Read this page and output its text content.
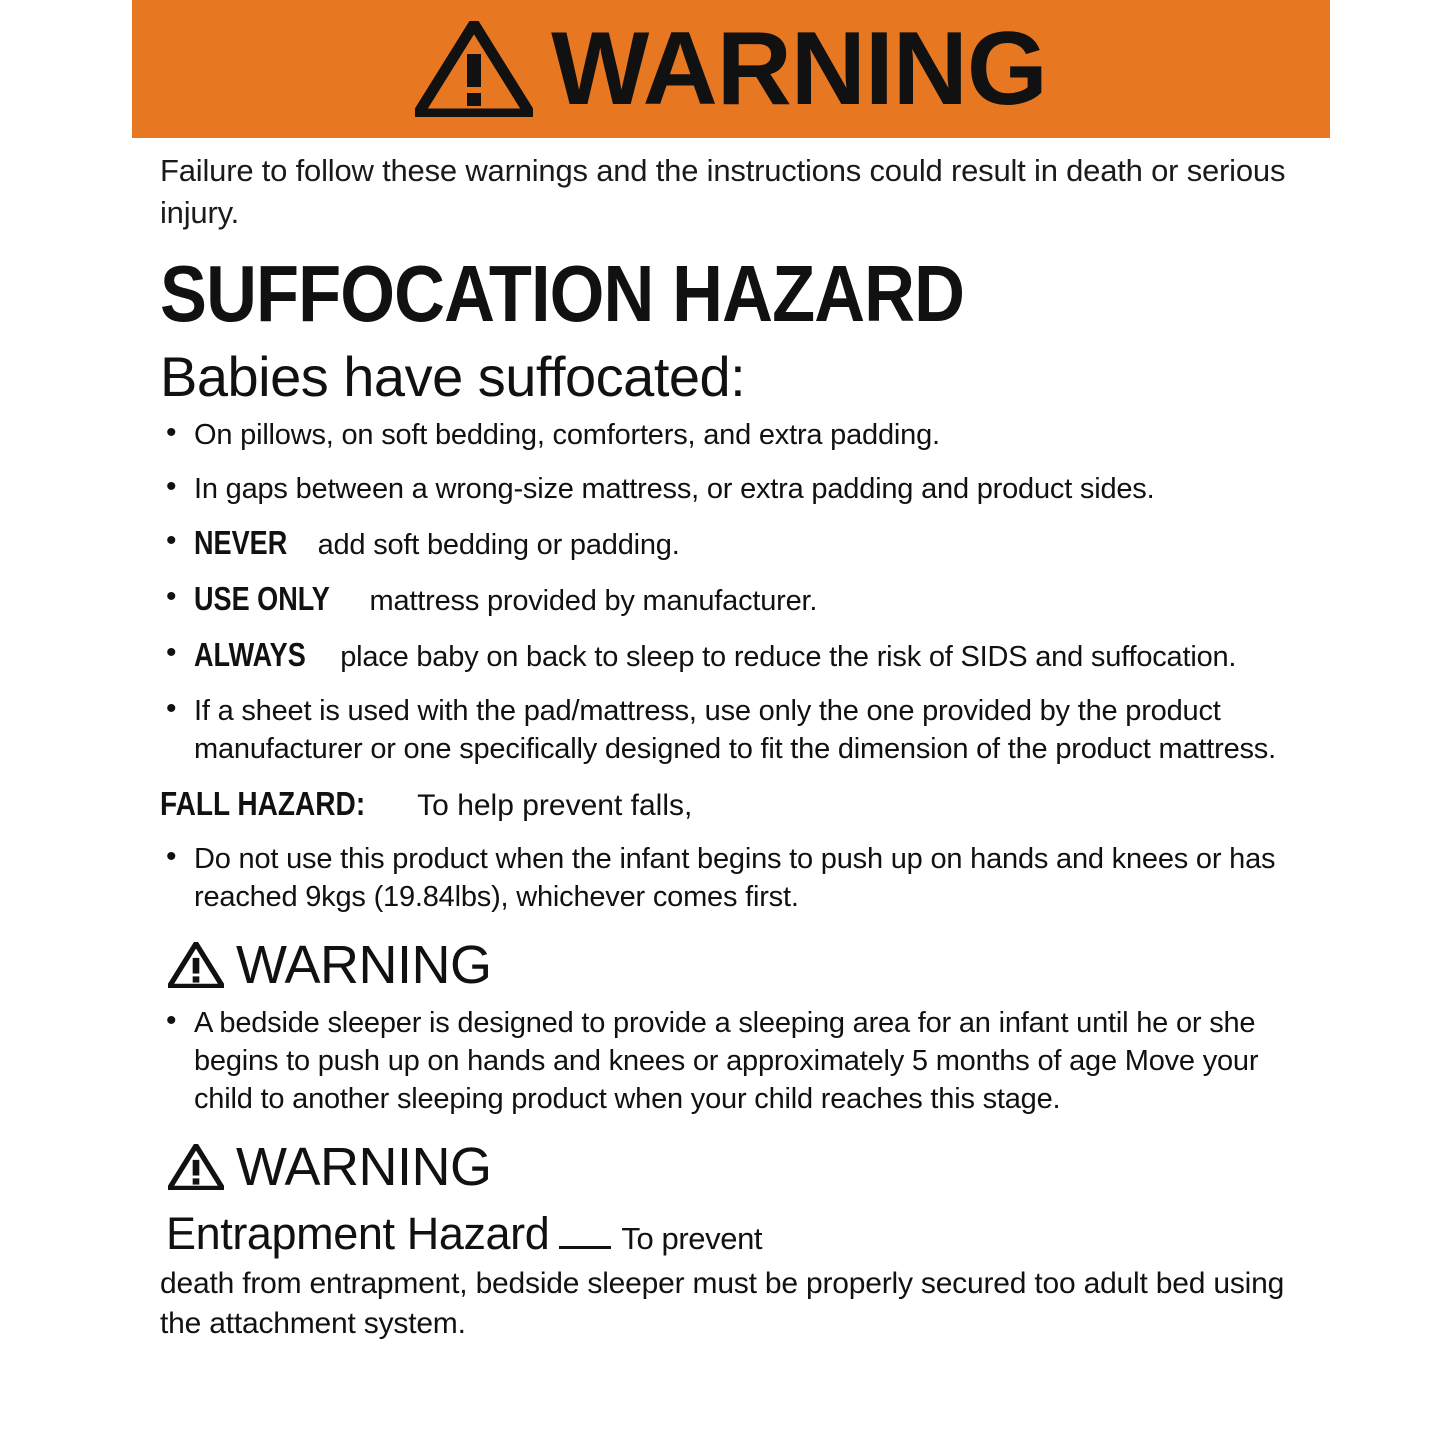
WARNING

Failure to follow these warnings and the instructions could result in death or serious injury.

SUFFOCATION HAZARD
Babies have suffocated:
• On pillows, on soft bedding, comforters, and extra padding.
• In gaps between a wrong-size mattress, or extra padding and product sides.
• NEVER add soft bedding or padding.
• USE ONLY mattress provided by manufacturer.
• ALWAYS place baby on back to sleep to reduce the risk of SIDS and suffocation.
• If a sheet is used with the pad/mattress, use only the one provided by the product manufacturer or one specifically designed to fit the dimension of the product mattress.
FALL HAZARD: To help prevent falls,
• Do not use this product when the infant begins to push up on hands and knees or has reached 9kgs (19.84lbs), whichever comes first.
WARNING
• A bedside sleeper is designed to provide a sleeping area for an infant until he or she begins to push up on hands and knees or approximately 5 months of age Move your child to another sleeping product when your child reaches this stage.
WARNING
Entrapment Hazard To prevent

death from entrapment, bedside sleeper must be properly secured too adult bed using the attachment system.
